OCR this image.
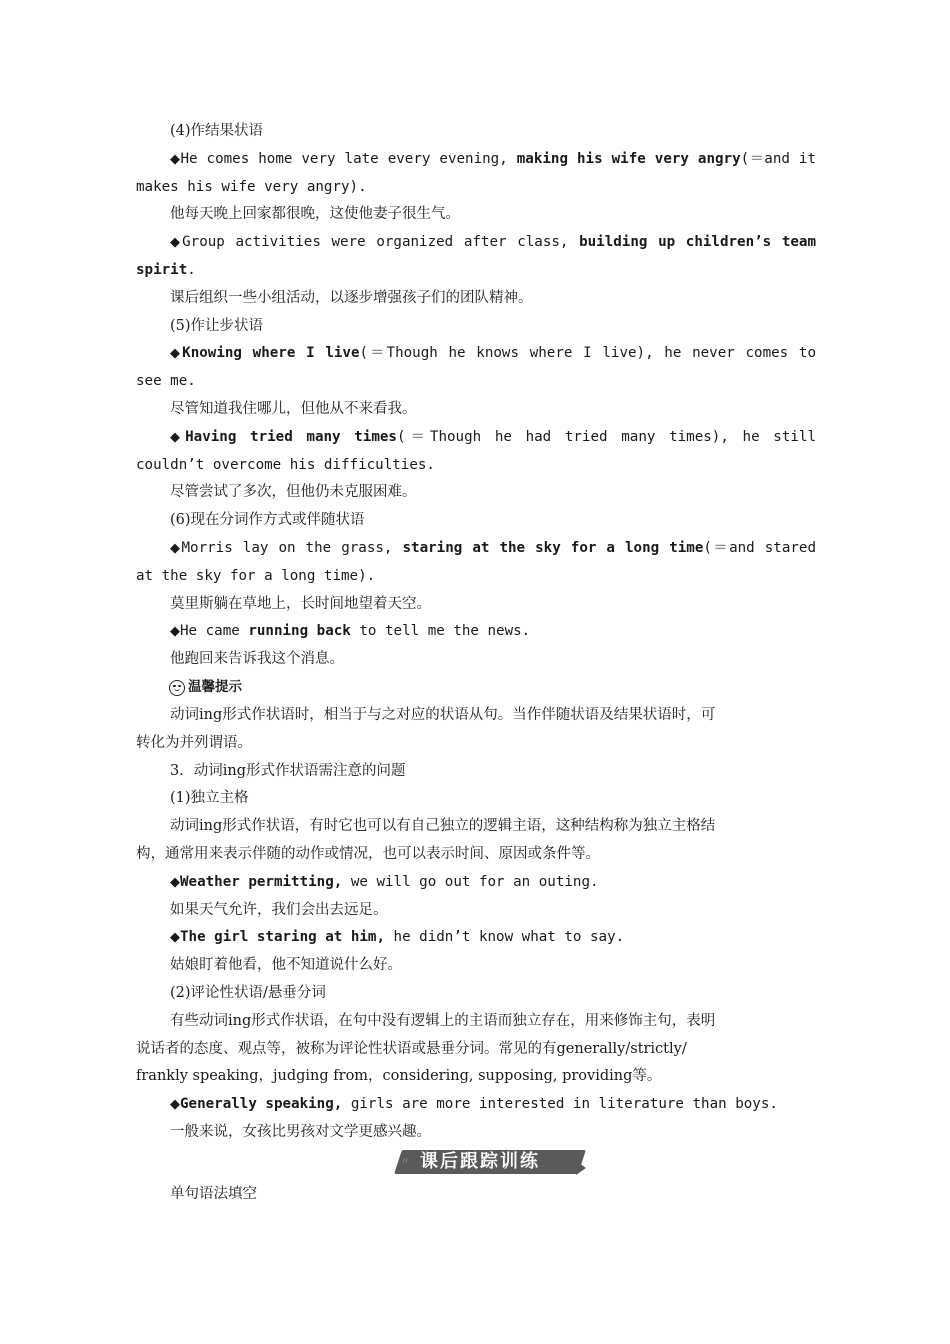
(4)作结果状语
◆He comes home very late every evening, making his wife very angry(＝and it
makes his wife very angry).
他每天晚上回家都很晚，这使他妻子很生气。
◆Group activities were organized after class, building up children’s team
spirit.
课后组织一些小组活动，以逐步增强孩子们的团队精神。
(5)作让步状语
◆Knowing where I live(＝Though he knows where I live), he never comes to
see me.
尽管知道我住哪儿，但他从不来看我。
◆Having tried many times(＝Though he had tried many times), he still
couldn’t overcome his difficulties.
尽管尝试了多次，但他仍未克服困难。
(6)现在分词作方式或伴随状语
◆Morris lay on the grass, staring at the sky for a long time(＝and stared
at the sky for a long time).
莫里斯躺在草地上，长时间地望着天空。
◆He came running back to tell me the news.
他跑回来告诉我这个消息。
温馨提示
动词ing形式作状语时，相当于与之对应的状语从句。当作伴随状语及结果状语时，可
转化为并列谓语。
3．动词ing形式作状语需注意的问题
(1)独立主格
动词ing形式作状语，有时它也可以有自己独立的逻辑主语，这种结构称为独立主格结
构，通常用来表示伴随的动作或情况，也可以表示时间、原因或条件等。
◆Weather permitting, we will go out for an outing.
如果天气允许，我们会出去远足。
◆The girl staring at him, he didn’t know what to say.
姑娘盯着他看，他不知道说什么好。
(2)评论性状语/悬垂分词
有些动词ing形式作状语，在句中没有逻辑上的主语而独立存在，用来修饰主句，表明
说话者的态度、观点等，被称为评论性状语或悬垂分词。常见的有generally/strictly/
frankly speaking，judging from，considering, supposing, providing等。
◆Generally speaking, girls are more interested in literature than boys.
一般来说，女孩比男孩对文学更感兴趣。
〃 课后跟踪训练
单句语法填空
